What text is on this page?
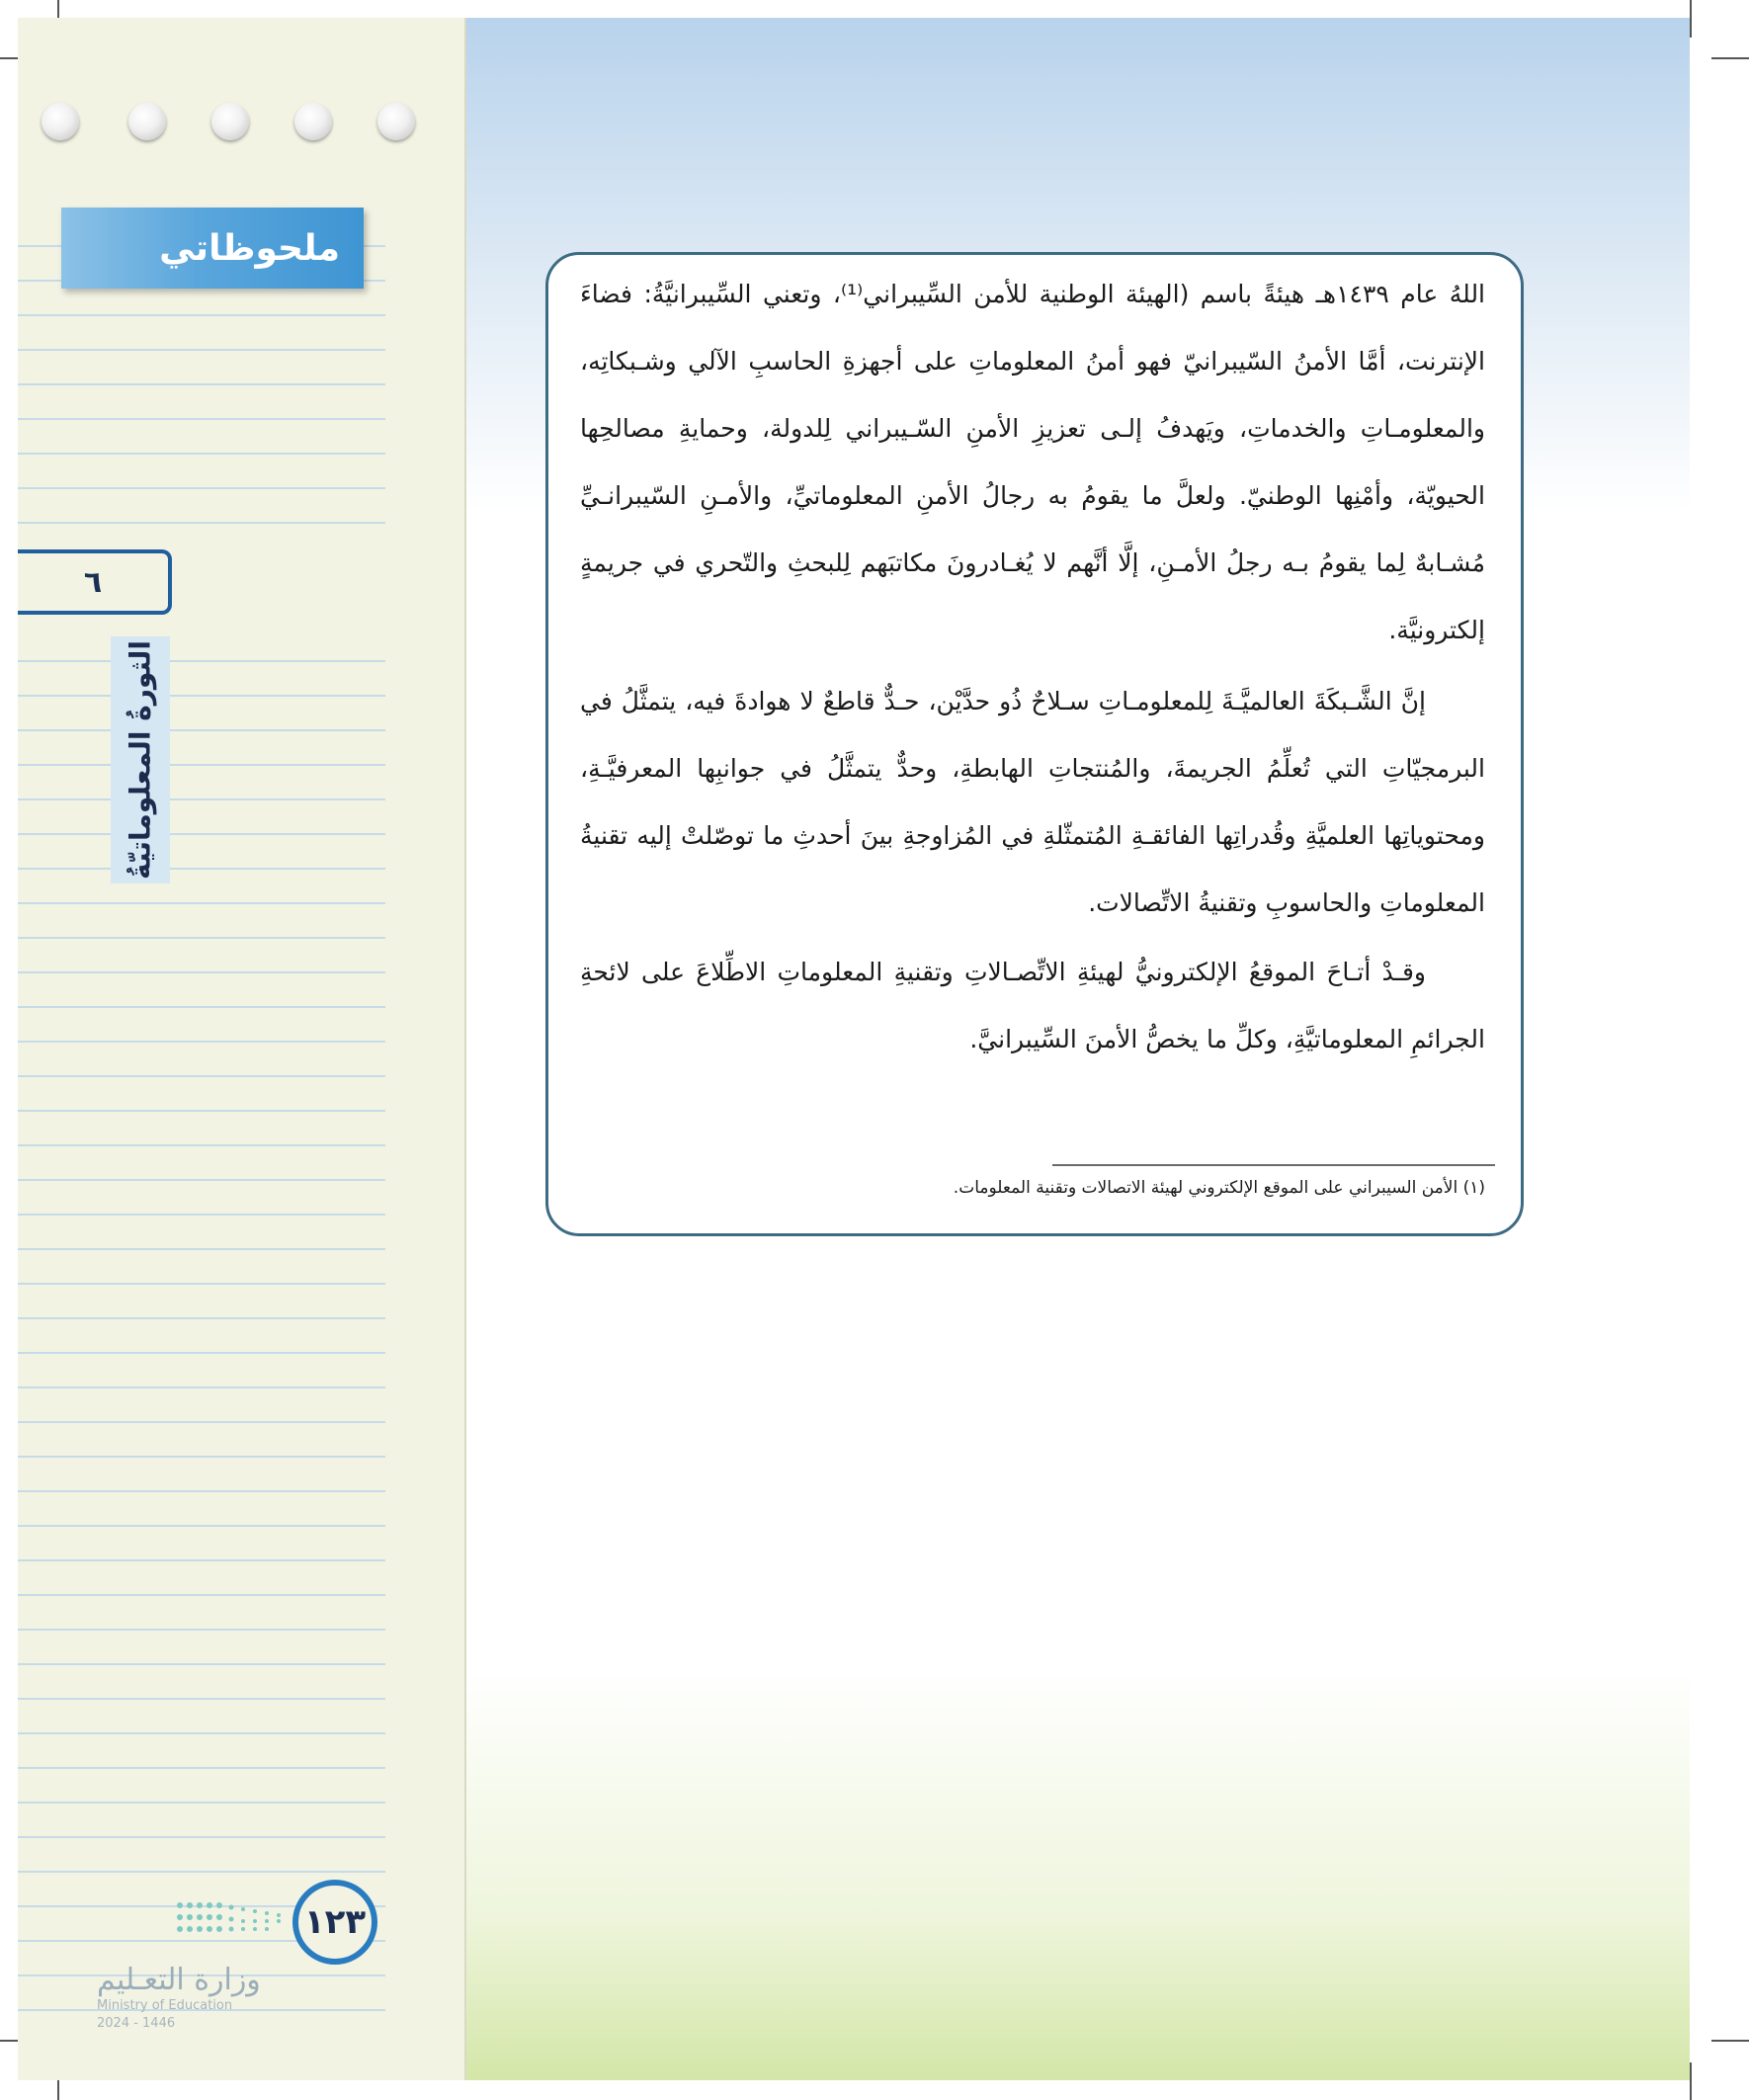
اللهُ عام ١٤٣٩هـ هيئةً باسم (الهيئة الوطنية للأمن السِّيبراني⁽¹⁾، وتعني السِّيبرانيَّةُ: فضاءَ الإنترنت، أمَّا الأمنُ السّيبرانيّ فهو أمنُ المعلوماتِ على أجهزةِ الحاسبِ الآلي وشـبكاتِه، والمعلومـاتِ والخدماتِ، ويَهدفُ إلـى تعزيزِ الأمنِ السّـيبراني لِلدولة، وحمايةِ مصالحِها الحيويّة، وأمْنِها الوطنيّ. ولعلَّ ما يقومُ به رجالُ الأمنِ المعلوماتيِّ، والأمـنِ السّيبرانـيِّ مُشـابهٌ لِما يقومُ بـه رجلُ الأمـنِ، إلَّا أنَّهم لا يُغـادرونَ مكاتبَهم لِلبحثِ والتّحري في جريمةٍ إلكترونيَّة.

إنَّ الشَّـبكَةَ العالميَّـةَ لِلمعلومـاتِ سـلاحٌ ذُو حدَّيْن، حـدٌّ قاطعٌ لا هوادةَ فيه، يتمثَّلُ في البرمجيّاتِ التي تُعلِّمُ الجريمةَ، والمُنتجاتِ الهابطةِ، وحدٌّ يتمثَّلُ في جوانبِها المعرفيَّـةِ، ومحتوياتِها العلميَّةِ وقُدراتِها الفائقـةِ المُتمثّلةِ في المُزاوجةِ بينَ أحدثِ ما توصّلتْ إليه تقنيةُ المعلوماتِ والحاسوبِ وتقنيةُ الاتِّصالات.

وقـدْ أتـاحَ الموقعُ الإلكترونيُّ لهيئةِ الاتِّصـالاتِ وتقنيةِ المعلوماتِ الاطِّلاعَ على لائحةِ الجرائمِ المعلوماتيَّةِ، وكلِّ ما يخصُّ الأمنَ السِّيبرانيَّ.

(١) الأمن السيبراني على الموقع الإلكتروني لهيئة الاتصالات وتقنية المعلومات.
ملحوظاتي
٦
الثورةُ المعلوماتيّةُ
١٢٣
وزارة التعـليم
Ministry of Education
2024 - 1446
